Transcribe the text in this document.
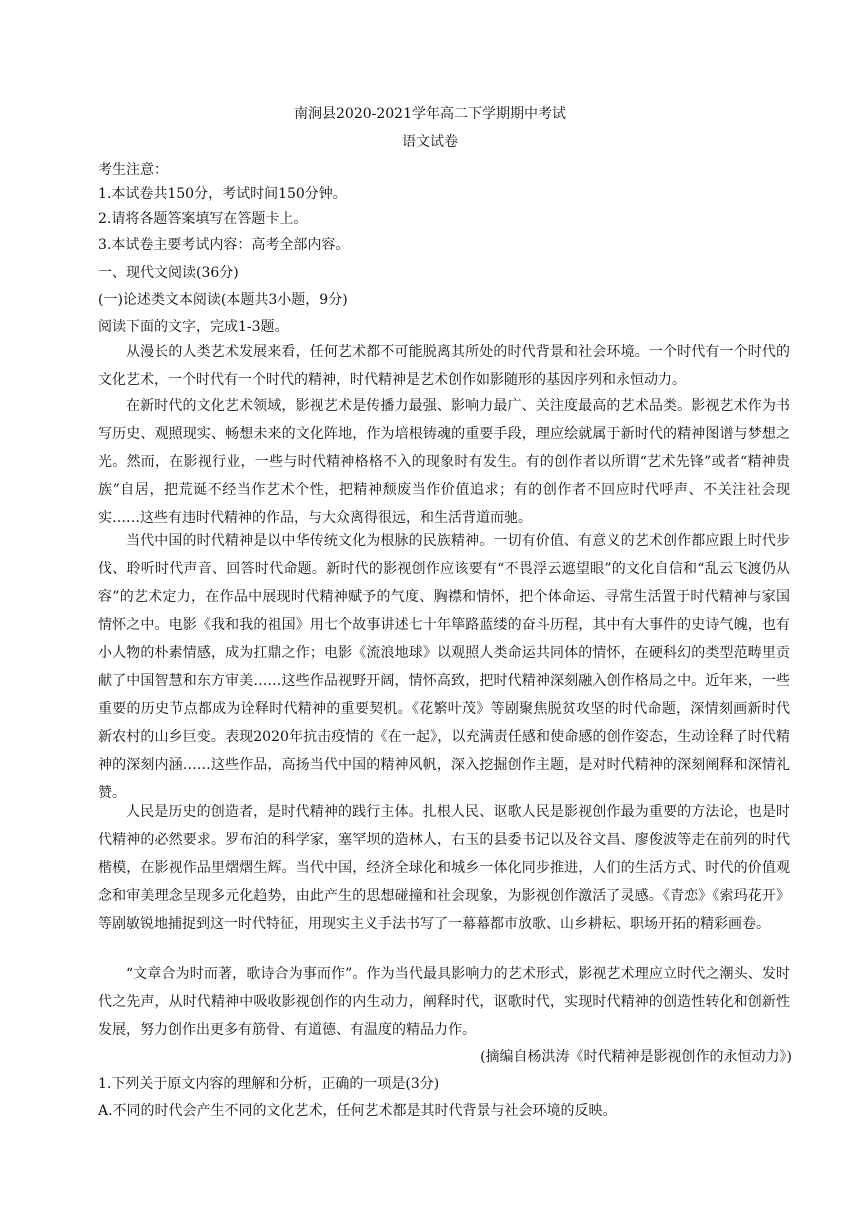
南涧县2020-2021学年高二下学期期中考试
语文试卷
考生注意：
1.本试卷共150分，考试时间150分钟。
2.请将各题答案填写在答题卡上。
3.本试卷主要考试内容：高考全部内容。
一、现代文阅读(36分)
(一)论述类文本阅读(本题共3小题，9分)
阅读下面的文字，完成1-3题。

从漫长的人类艺术发展来看，任何艺术都不可能脱离其所处的时代背景和社会环境。一个时代有一个时代的文化艺术，一个时代有一个时代的精神，时代精神是艺术创作如影随形的基因序列和永恒动力。

在新时代的文化艺术领域，影视艺术是传播力最强、影响力最广、关注度最高的艺术品类。影视艺术作为书写历史、观照现实、畅想未来的文化阵地，作为培根铸魂的重要手段，理应绘就属于新时代的精神图谱与梦想之光。然而，在影视行业，一些与时代精神格格不入的现象时有发生。有的创作者以所谓“艺术先锋”或者“精神贵族”自居，把荒诞不经当作艺术个性，把精神颓废当作价值追求；有的创作者不回应时代呼声、不关注社会现实……这些有违时代精神的作品，与大众离得很远，和生活背道而驰。

当代中国的时代精神是以中华传统文化为根脉的民族精神。一切有价值、有意义的艺术创作都应跟上时代步伐、聆听时代声音、回答时代命题。新时代的影视创作应该要有“不畏浮云遮望眼”的文化自信和“乱云飞渡仍从容”的艺术定力，在作品中展现时代精神赋予的气度、胸襟和情怀，把个体命运、寻常生活置于时代精神与家国情怀之中。电影《我和我的祖国》用七个故事讲述七十年筚路蓝缕的奋斗历程，其中有大事件的史诗气魄，也有小人物的朴素情感，成为扛鼎之作；电影《流浪地球》以观照人类命运共同体的情怀，在硬科幻的类型范畴里贡献了中国智慧和东方审美……这些作品视野开阔，情怀高致，把时代精神深刻融入创作格局之中。近年来，一些重要的历史节点都成为诠释时代精神的重要契机。《花繁叶茂》等剧聚焦脱贫攻坚的时代命题，深情刻画新时代新农村的山乡巨变。表现2020年抗击疫情的《在一起》，以充满责任感和使命感的创作姿态，生动诠释了时代精神的深刻内涵……这些作品，高扬当代中国的精神风帆，深入挖掘创作主题，是对时代精神的深刻阐释和深情礼赞。

人民是历史的创造者，是时代精神的践行主体。扎根人民、讴歌人民是影视创作最为重要的方法论，也是时代精神的必然要求。罗布泊的科学家，塞罕坝的造林人，右玉的县委书记以及谷文昌、廖俊波等走在前列的时代楷模，在影视作品里熠熠生辉。当代中国，经济全球化和城乡一体化同步推进，人们的生活方式、时代的价值观念和审美理念呈现多元化趋势，由此产生的思想碰撞和社会现象，为影视创作激活了灵感。《青恋》《索玛花开》等剧敏锐地捕捉到这一时代特征，用现实主义手法书写了一幕幕都市放歌、山乡耕耘、职场开拓的精彩画卷。

“文章合为时而著，歌诗合为事而作”。作为当代最具影响力的艺术形式，影视艺术理应立时代之潮头、发时代之先声，从时代精神中吸收影视创作的内生动力，阐释时代，讴歌时代，实现时代精神的创造性转化和创新性发展，努力创作出更多有筋骨、有道德、有温度的精品力作。

(摘编自杨洪涛《时代精神是影视创作的永恒动力》)
1.下列关于原文内容的理解和分析，正确的一项是(3分)
A.不同的时代会产生不同的文化艺术，任何艺术都是其时代背景与社会环境的反映。
